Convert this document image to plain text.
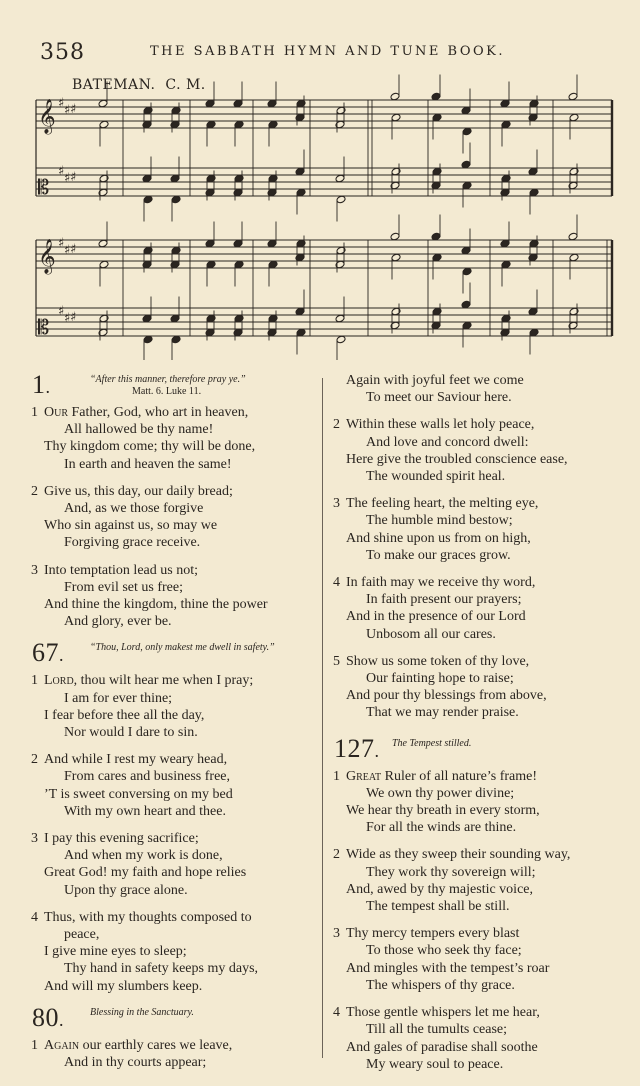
358	THE SABBATH HYMN AND TUNE BOOK.
BATEMAN. C. M.
𝄞 ♯ ♯ ♯
𝄡
♯ ♯ ♯
𝄞 ♯ ♯ ♯
𝄡
♯ ♯ ♯
1.	“After this manner, therefore pray ye.”
Matt. 6. Luke 11.
1 Our Father, God, who art in heaven,
All hallowed be thy name!
Thy kingdom come; thy will be done,
In earth and heaven the same!
2 Give us, this day, our daily bread;
And, as we those forgive
Who sin against us, so may we
Forgiving grace receive.
3 Into temptation lead us not;
From evil set us free;
And thine the kingdom, thine the power
And glory, ever be.
67.	“Thou, Lord, only makest me dwell in safety.”
1 Lord, thou wilt hear me when I pray;
I am for ever thine;
I fear before thee all the day,
Nor would I dare to sin.
2 And while I rest my weary head,
From cares and business free,
’T is sweet conversing on my bed
With my own heart and thee.
3 I pay this evening sacrifice;
And when my work is done,
Great God! my faith and hope relies
Upon thy grace alone.
4 Thus, with my thoughts composed to
peace,
I give mine eyes to sleep;
Thy hand in safety keeps my days,
And will my slumbers keep.
80.	Blessing in the Sanctuary.
1 Again our earthly cares we leave,
And in thy courts appear;
Again with joyful feet we come
To meet our Saviour here.
2 Within these walls let holy peace,
And love and concord dwell:
Here give the troubled conscience ease,
The wounded spirit heal.
3 The feeling heart, the melting eye,
The humble mind bestow;
And shine upon us from on high,
To make our graces grow.
4 In faith may we receive thy word,
In faith present our prayers;
And in the presence of our Lord
Unbosom all our cares.
5 Show us some token of thy love,
Our fainting hope to raise;
And pour thy blessings from above,
That we may render praise.
127. The Tempest stilled.
1 Great Ruler of all nature’s frame!
We own thy power divine;
We hear thy breath in every storm,
For all the winds are thine.
2 Wide as they sweep their sounding way,
They work thy sovereign will;
And, awed by thy majestic voice,
The tempest shall be still.
3 Thy mercy tempers every blast
To those who seek thy face;
And mingles with the tempest’s roar
The whispers of thy grace.
4 Those gentle whispers let me hear,
Till all the tumults cease;
And gales of paradise shall soothe
My weary soul to peace.
